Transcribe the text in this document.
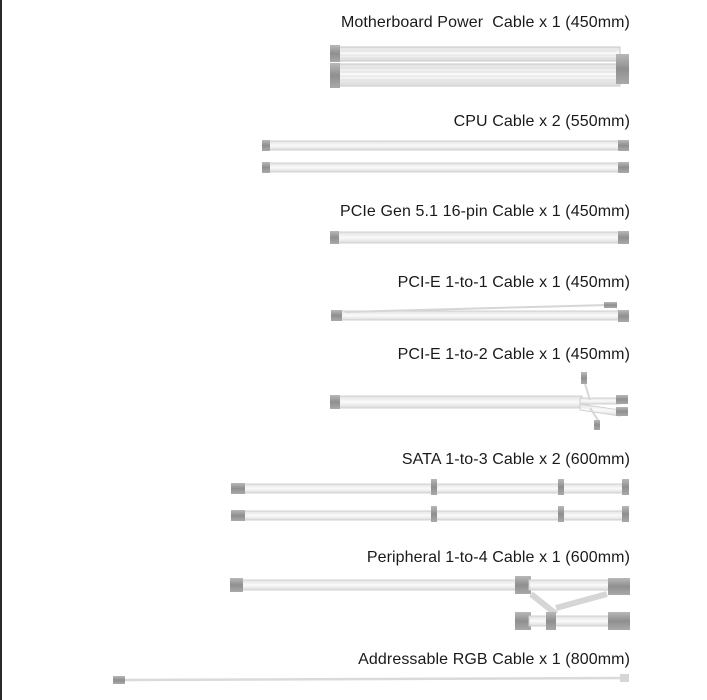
Motherboard Power  Cable x 1 (450mm)
CPU Cable x 2 (550mm)
PCIe Gen 5.1 16-pin Cable x 1 (450mm)
PCI-E 1-to-1 Cable x 1 (450mm)
PCI-E 1-to-2 Cable x 1 (450mm)
SATA 1-to-3 Cable x 2 (600mm)
Peripheral 1-to-4 Cable x 1 (600mm)
Addressable RGB Cable x 1 (800mm)
